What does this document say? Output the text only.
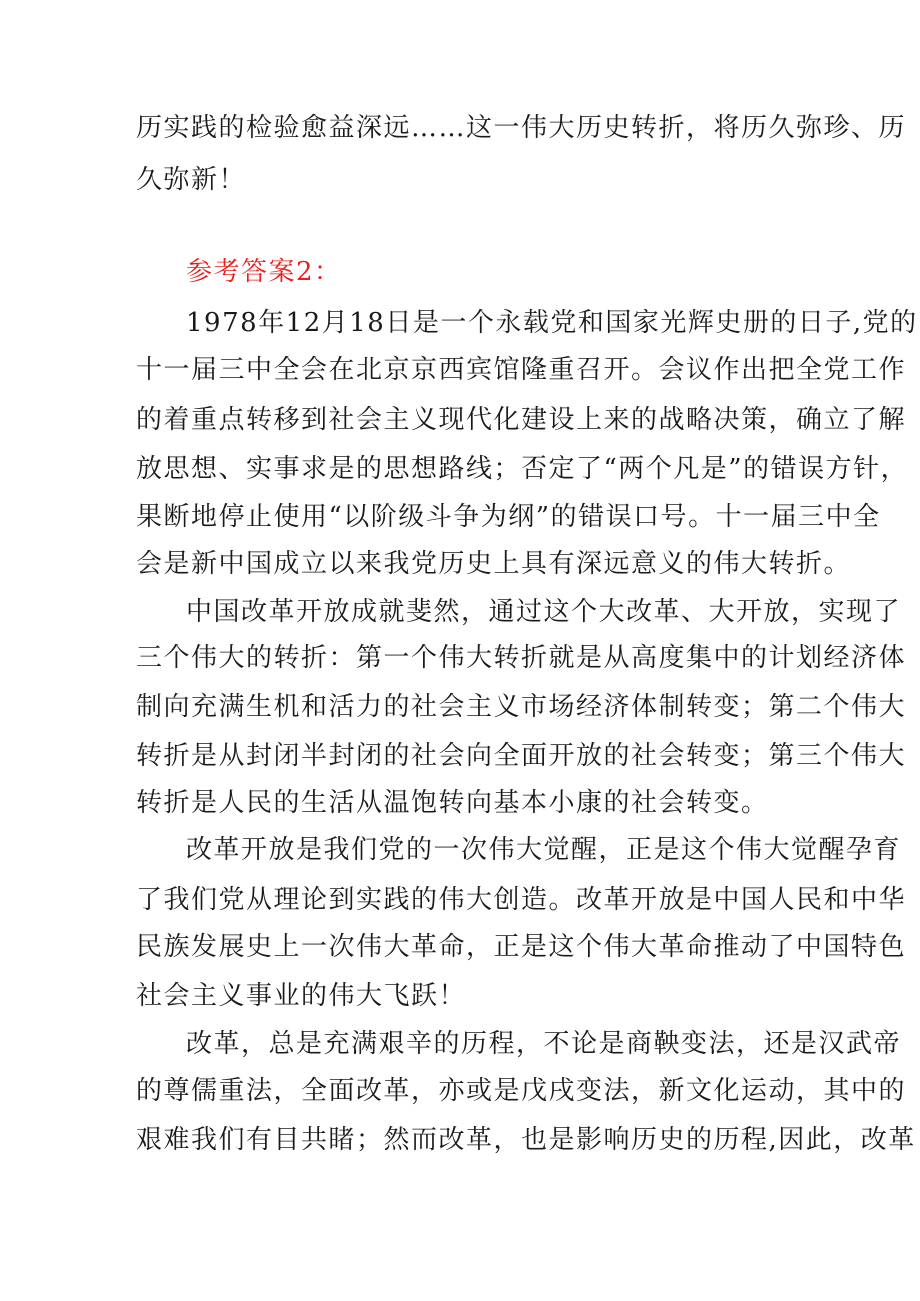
历实践的检验愈益深远……这一伟大历史转折，将历久弥珍、历
久弥新！
参考答案2：
1978年12月18日是一个永载党和国家光辉史册的日子,党的
十一届三中全会在北京京西宾馆隆重召开。会议作出把全党工作
的着重点转移到社会主义现代化建设上来的战略决策，确立了解
放思想、实事求是的思想路线；否定了“两个凡是”的错误方针，
果断地停止使用“以阶级斗争为纲”的错误口号。十一届三中全
会是新中国成立以来我党历史上具有深远意义的伟大转折。
中国改革开放成就斐然，通过这个大改革、大开放，实现了
三个伟大的转折：第一个伟大转折就是从高度集中的计划经济体
制向充满生机和活力的社会主义市场经济体制转变；第二个伟大
转折是从封闭半封闭的社会向全面开放的社会转变；第三个伟大
转折是人民的生活从温饱转向基本小康的社会转变。
改革开放是我们党的一次伟大觉醒，正是这个伟大觉醒孕育
了我们党从理论到实践的伟大创造。改革开放是中国人民和中华
民族发展史上一次伟大革命，正是这个伟大革命推动了中国特色
社会主义事业的伟大飞跃！
改革，总是充满艰辛的历程，不论是商鞅变法，还是汉武帝
的尊儒重法，全面改革，亦或是戊戌变法，新文化运动，其中的
艰难我们有目共睹；然而改革，也是影响历史的历程,因此，改革
